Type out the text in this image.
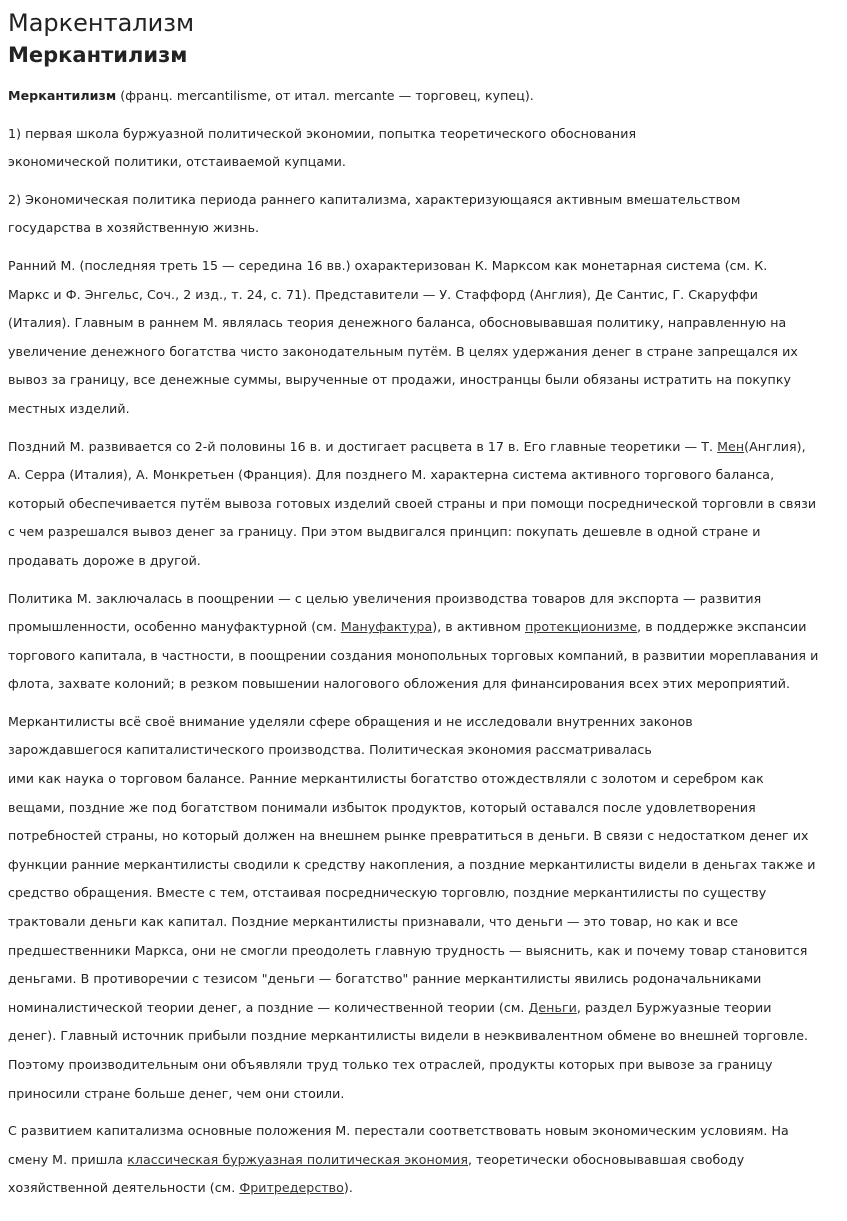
Маркентализм
Меркантилизм

Меркантилизм (франц. mercantilisme, от итал. mercante — торговец, купец).

1) первая школа буржуазной политической экономии, попытка теоретического обоснования
экономической политики, отстаиваемой купцами.

2) Экономическая политика периода раннего капитализма, характеризующаяся активным вмешательством
государства в хозяйственную жизнь.

Ранний М. (последняя треть 15 — середина 16 вв.) охарактеризован К. Марксом как монетарная система (см. К.
Маркс и Ф. Энгельс, Соч., 2 изд., т. 24, с. 71). Представители — У. Стаффорд (Англия), Де Сантис, Г. Скаруффи
(Италия). Главным в раннем М. являлась теория денежного баланса, обосновывавшая политику, направленную на
увеличение денежного богатства чисто законодательным путём. В целях удержания денег в стране запрещался их
вывоз за границу, все денежные суммы, вырученные от продажи, иностранцы были обязаны истратить на покупку
местных изделий.

Поздний М. развивается со 2-й половины 16 в. и достигает расцвета в 17 в. Его главные теоретики — Т. Мен(Англия),
А. Серра (Италия), А. Монкретьен (Франция). Для позднего М. характерна система активного торгового баланса,
который обеспечивается путём вывоза готовых изделий своей страны и при помощи посреднической торговли в связи
с чем разрешался вывоз денег за границу. При этом выдвигался принцип: покупать дешевле в одной стране и
продавать дороже в другой.

Политика М. заключалась в поощрении — с целью увеличения производства товаров для экспорта — развития
промышленности, особенно мануфактурной (см. Мануфактура), в активном протекционизме, в поддержке экспансии
торгового капитала, в частности, в поощрении создания монопольных торговых компаний, в развитии мореплавания и
флота, захвате колоний; в резком повышении налогового обложения для финансирования всех этих мероприятий.

Меркантилисты всё своё внимание уделяли сфере обращения и не исследовали внутренних законов
зарождавшегося капиталистического производства. Политическая экономия рассматривалась
ими как наука о торговом балансе. Ранние меркантилисты богатство отождествляли с золотом и серебром как
вещами, поздние же под богатством понимали избыток продуктов, который оставался после удовлетворения
потребностей страны, но который должен на внешнем рынке превратиться в деньги. В связи с недостатком денег их
функции ранние меркантилисты сводили к средству накопления, а поздние меркантилисты видели в деньгах также и
средство обращения. Вместе с тем, отстаивая посредническую торговлю, поздние меркантилисты по существу
трактовали деньги как капитал. Поздние меркантилисты признавали, что деньги — это товар, но как и все
предшественники Маркса, они не смогли преодолеть главную трудность — выяснить, как и почему товар становится
деньгами. В противоречии с тезисом "деньги — богатство" ранние меркантилисты явились родоначальниками
номиналистической теории денег, а поздние — количественной теории (см. Деньги, раздел Буржуазные теории
денег). Главный источник прибыли поздние меркантилисты видели в неэквивалентном обмене во внешней торговле.
Поэтому производительным они объявляли труд только тех отраслей, продукты которых при вывозе за границу
приносили стране больше денег, чем они стоили.

С развитием капитализма основные положения М. перестали соответствовать новым экономическим условиям. На
смену М. пришла классическая буржуазная политическая экономия, теоретически обосновывавшая свободу
хозяйственной деятельности (см. Фритредерство).
